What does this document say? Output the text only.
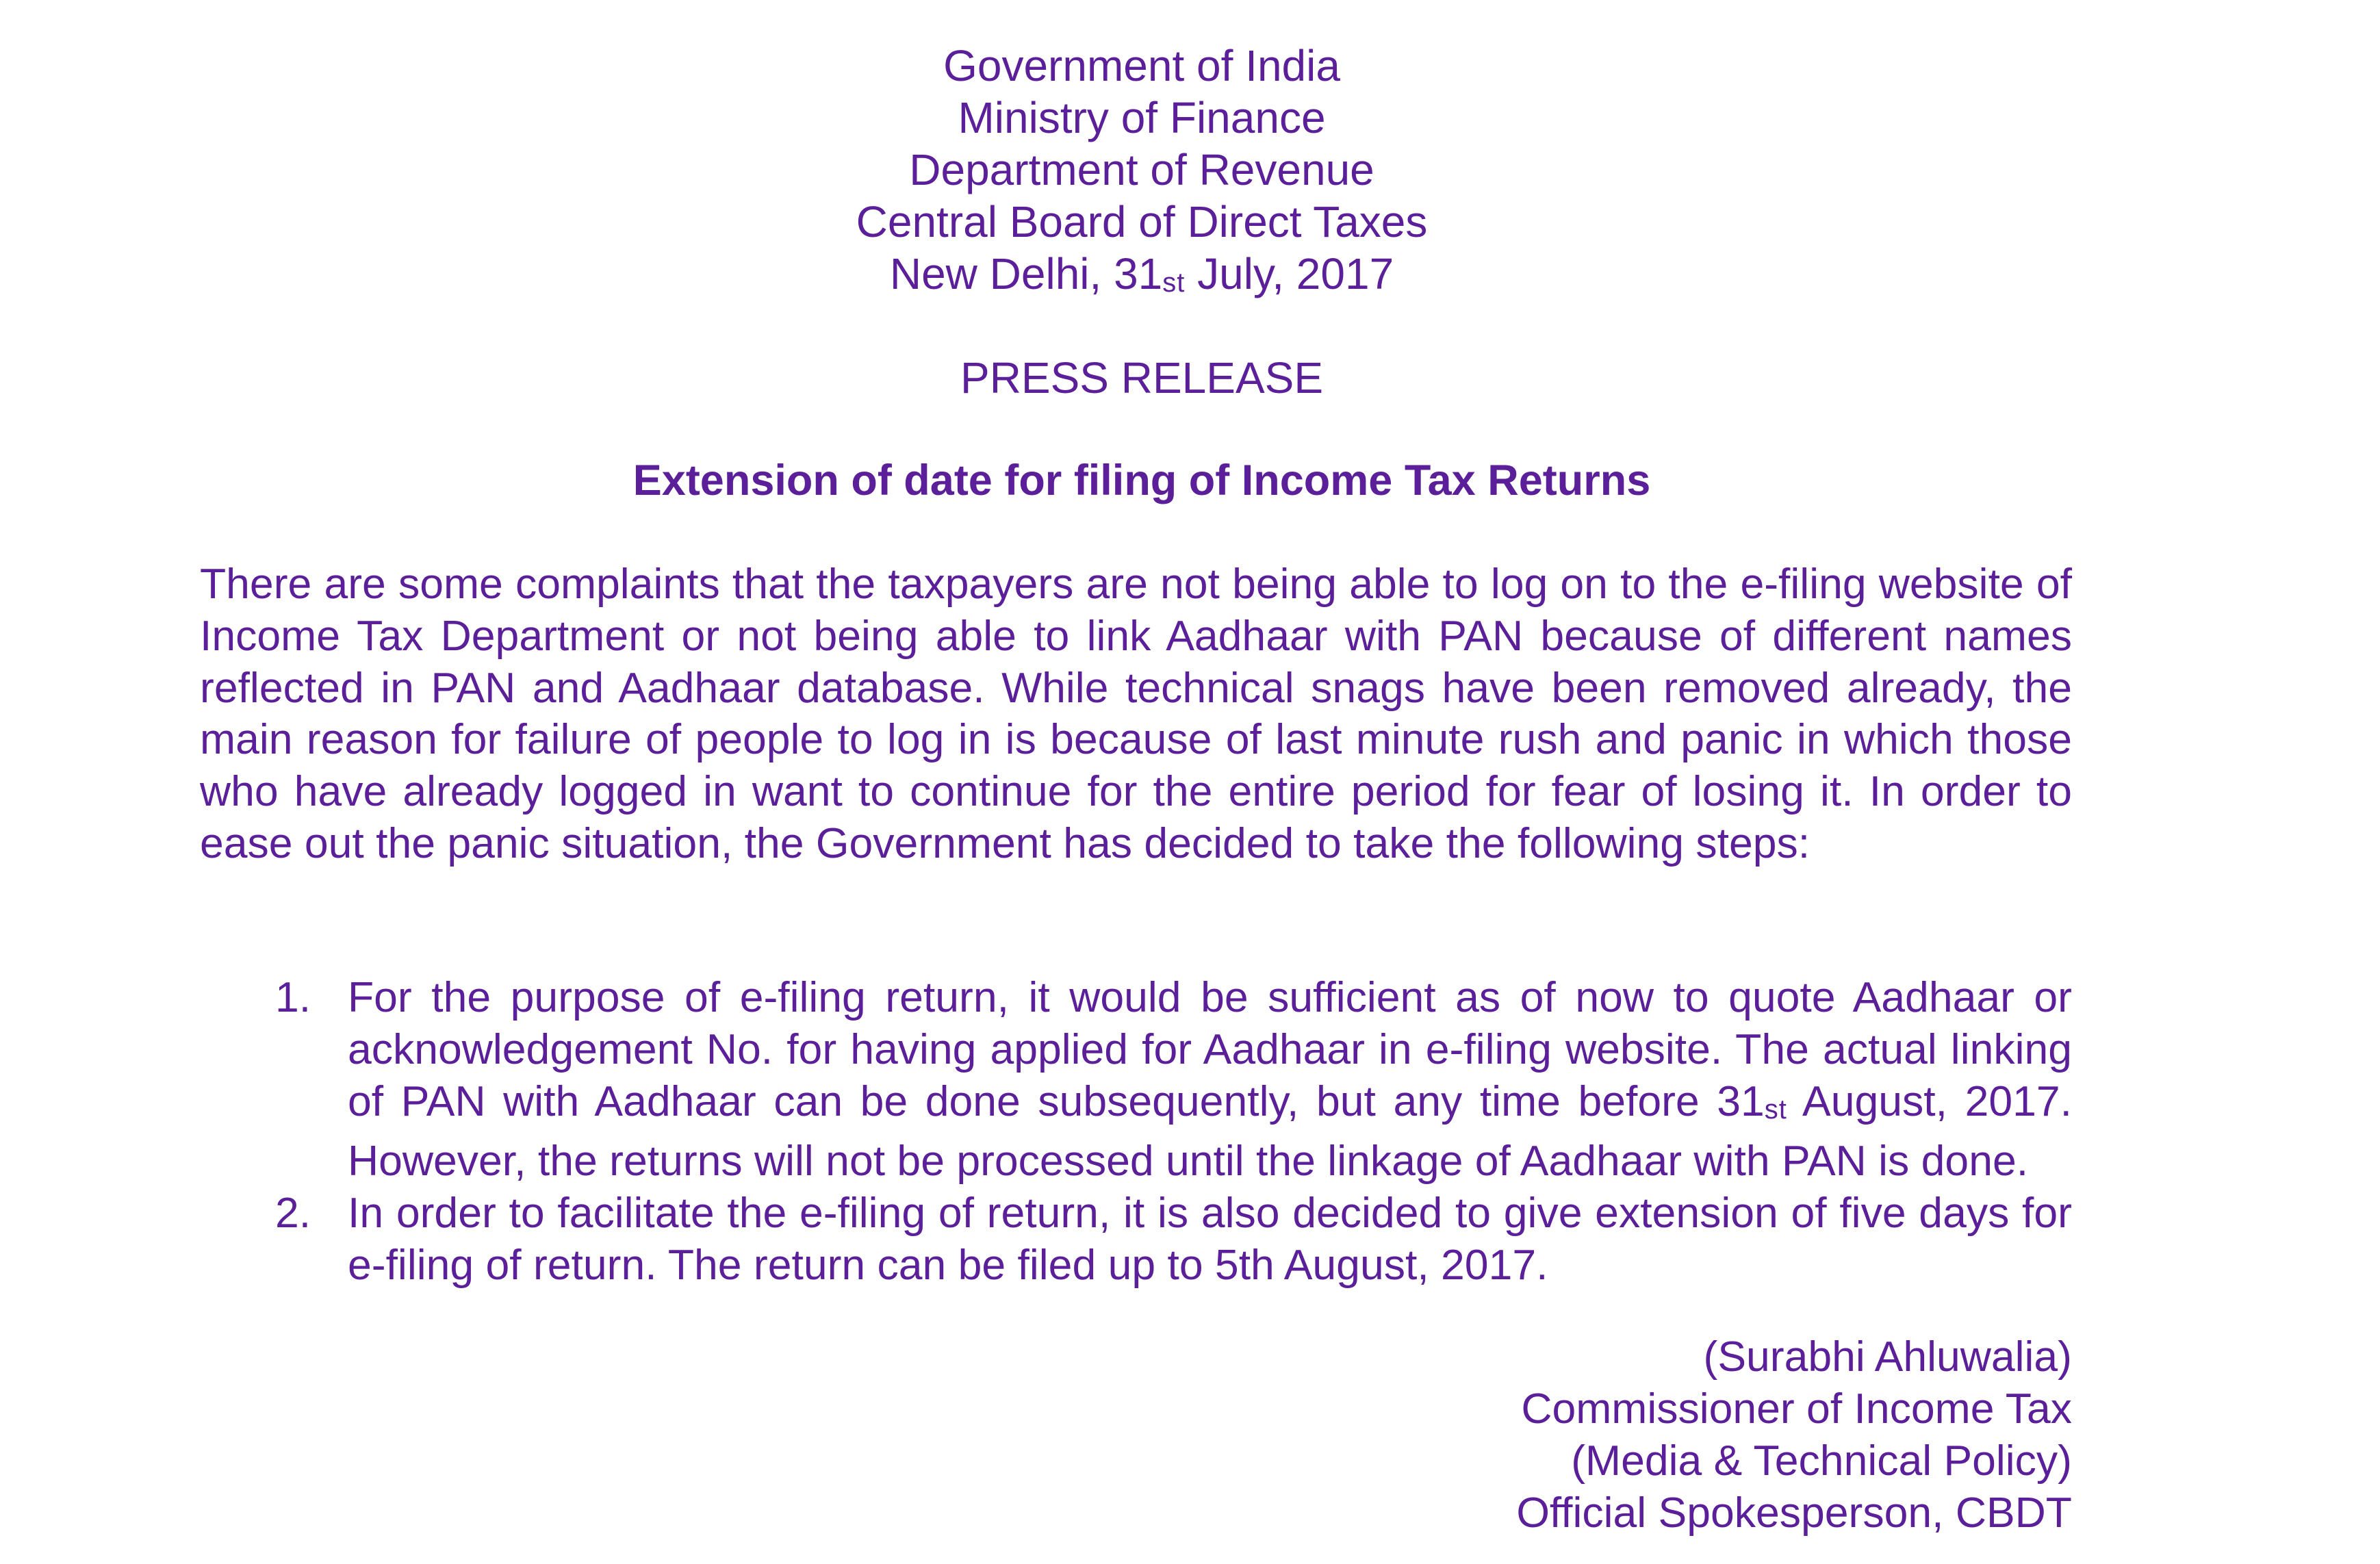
Government of India
Ministry of Finance
Department of Revenue
Central Board of Direct Taxes
New Delhi, 31st July, 2017
PRESS RELEASE
Extension of date for filing of Income Tax Returns
There are some complaints that the taxpayers are not being able to log on to the e-filing website of Income Tax Department or not being able to link Aadhaar with PAN because of different names reflected in PAN and Aadhaar database. While technical snags have been removed already, the main reason for failure of people to log in is because of last minute rush and panic in which those who have already logged in want to continue for the entire period for fear of losing it. In order to ease out the panic situation, the Government has decided to take the following steps:
1. For the purpose of e-filing return, it would be sufficient as of now to quote Aadhaar or acknowledgement No. for having applied for Aadhaar in e-filing website. The actual linking of PAN with Aadhaar can be done subsequently, but any time before 31st August, 2017. However, the returns will not be processed until the linkage of Aadhaar with PAN is done.
2. In order to facilitate the e-filing of return, it is also decided to give extension of five days for e-filing of return. The return can be filed up to 5th August, 2017.
(Surabhi Ahluwalia)
Commissioner of Income Tax
(Media & Technical Policy)
Official Spokesperson, CBDT
